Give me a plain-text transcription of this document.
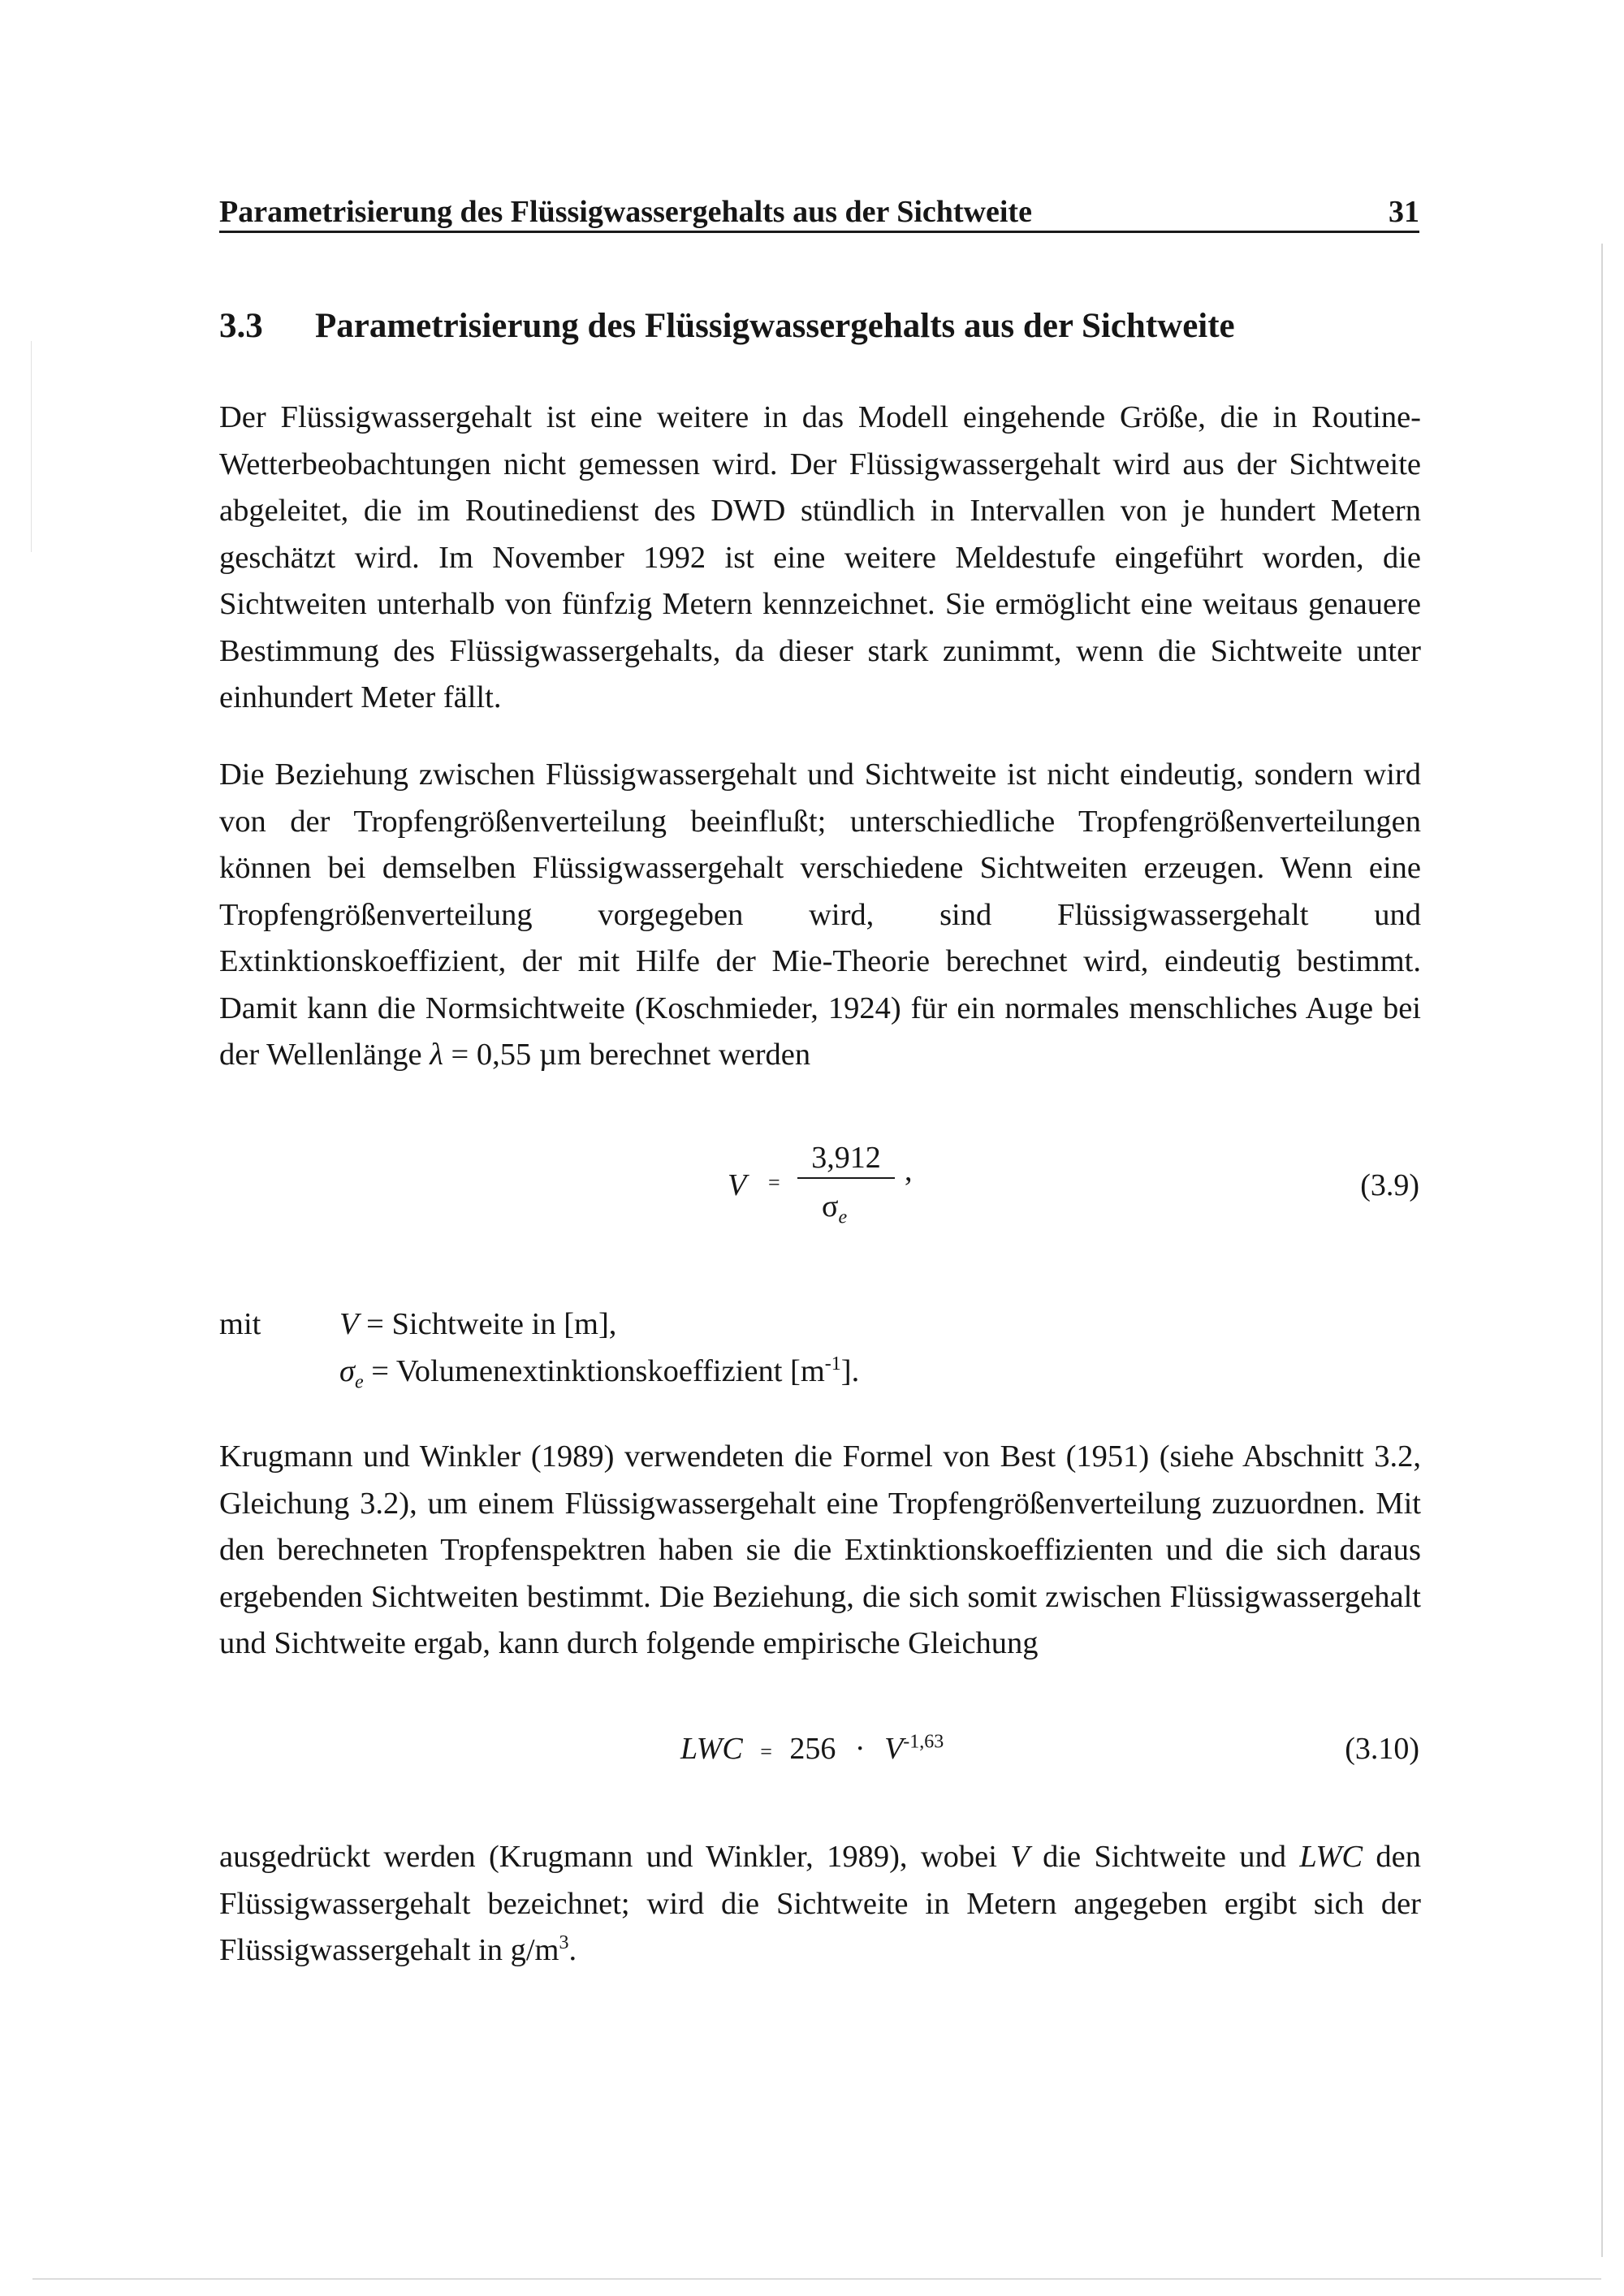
Parametrisierung des Flüssigwassergehalts aus der Sichtweite	31
3.3 Parametrisierung des Flüssigwassergehalts aus der Sichtweite

Der Flüssigwassergehalt ist eine weitere in das Modell eingehende Größe, die in Routine-Wetterbeobachtungen nicht gemessen wird. Der Flüssigwassergehalt wird aus der Sichtweite abgeleitet, die im Routinedienst des DWD stündlich in Intervallen von je hundert Metern geschätzt wird. Im November 1992 ist eine weitere Meldestufe eingeführt worden, die Sichtweiten unterhalb von fünfzig Metern kennzeichnet. Sie ermöglicht eine weitaus genauere Bestimmung des Flüssigwassergehalts, da dieser stark zunimmt, wenn die Sichtweite unter einhundert Meter fällt.

Die Beziehung zwischen Flüssigwassergehalt und Sichtweite ist nicht eindeutig, sondern wird von der Tropfengrößenverteilung beeinflußt; unterschiedliche Tropfengrößenverteilungen können bei demselben Flüssigwassergehalt verschiedene Sichtweiten erzeugen. Wenn eine Tropfengrößenverteilung vorgegeben wird, sind Flüssigwassergehalt und Extinktionskoeffizient, der mit Hilfe der Mie-Theorie berechnet wird, eindeutig bestimmt. Damit kann die Normsichtweite (Koschmieder, 1924) für ein normales menschliches Auge bei der Wellenlänge λ = 0,55 µm berechnet werden

V =
3,912
$\sigma_e$
,	(3.9)
mit	V = Sichtweite in [m],
$\sigma_e$ = Volumenextinktionskoeffizient $[m^{-1}]$.

Krugmann und Winkler (1989) verwendeten die Formel von Best (1951) (siehe Abschnitt 3.2, Gleichung 3.2), um einem Flüssigwassergehalt eine Tropfengrößenverteilung zuzuordnen. Mit den berechneten Tropfenspektren haben sie die Extinktionskoeffizienten und die sich daraus ergebenden Sichtweiten bestimmt. Die Beziehung, die sich somit zwischen Flüssigwassergehalt und Sichtweite ergab, kann durch folgende empirische Gleichung

LWC = $256 \cdot V^{-1,63}$	(3.10)

ausgedrückt werden (Krugmann und Winkler, 1989), wobei V die Sichtweite und LWC den Flüssigwassergehalt bezeichnet; wird die Sichtweite in Metern angegeben ergibt sich der Flüssigwassergehalt in $g/m^3$.
